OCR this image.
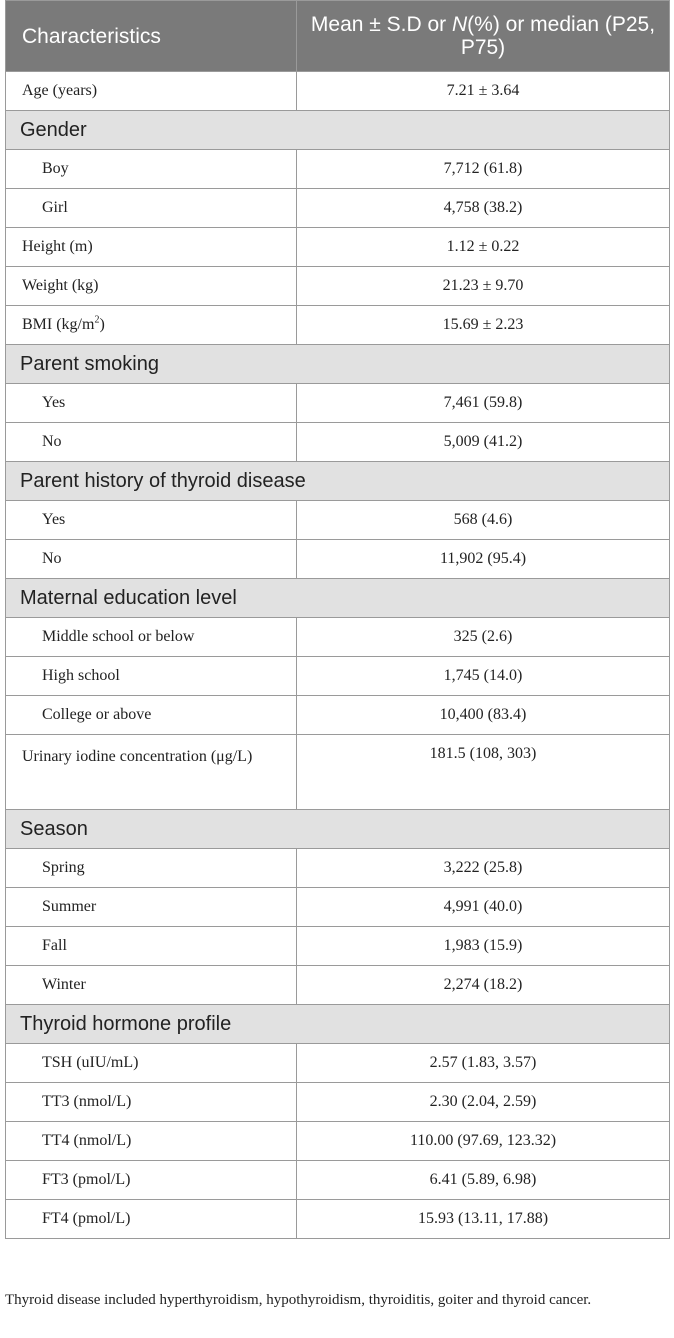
Characteristics	Mean ± S.D or N(%) or median (P25, P75)
Age (years)	7.21 ± 3.64
Gender	
Boy	7,712 (61.8)
Girl	4,758 (38.2)
Height (m)	1.12 ± 0.22
Weight (kg)	21.23 ± 9.70
BMI $(kg/m^2)$	15.69 ± 2.23
Parent smoking	
Yes	7,461 (59.8)
No	5,009 (41.2)
Parent history of thyroid disease	
Yes	568 (4.6)
No	11,902 (95.4)
Maternal education level	
Middle school or below	325 (2.6)
High school	1,745 (14.0)
College or above	10,400 (83.4)
Urinary iodine concentration (μg/L)	181.5 (108, 303)
Season	
Spring	3,222 (25.8)
Summer	4,991 (40.0)
Fall	1,983 (15.9)
Winter	2,274 (18.2)
Thyroid hormone profile	
TSH (uIU/mL)	2.57 (1.83, 3.57)
TT3 (nmol/L)	2.30 (2.04, 2.59)
TT4 (nmol/L)	110.00 (97.69, 123.32)
FT3 (pmol/L)	6.41 (5.89, 6.98)
FT4 (pmol/L)	15.93 (13.11, 17.88)
Thyroid disease included hyperthyroidism, hypothyroidism, thyroiditis, goiter and thyroid cancer.
